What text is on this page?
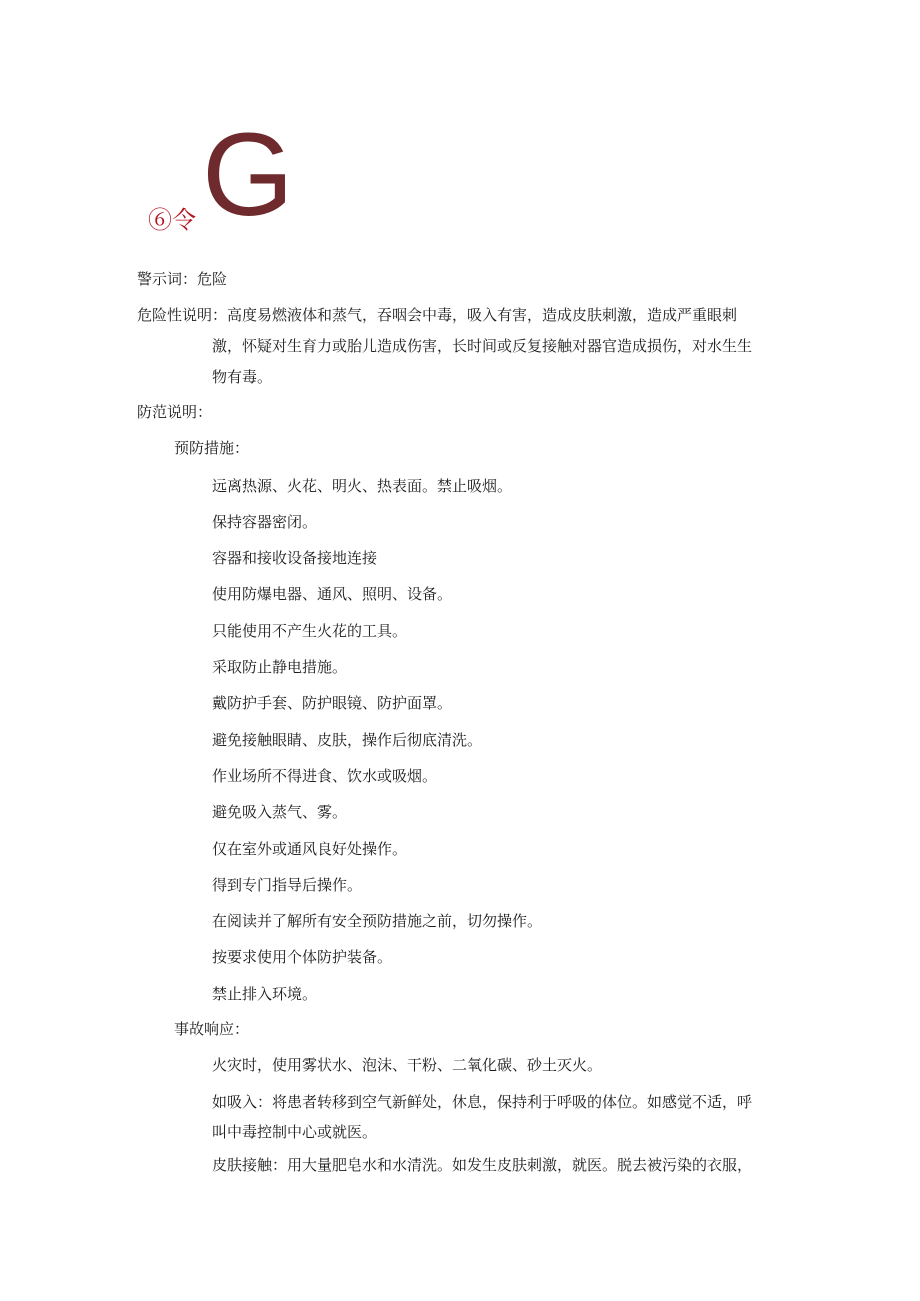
⑥令 G
警示词：危险
危险性说明：高度易燃液体和蒸气，吞咽会中毒，吸入有害，造成皮肤刺激，造成严重眼刺
激，怀疑对生育力或胎儿造成伤害，长时间或反复接触对器官造成损伤，对水生生
物有毒。
防范说明：
预防措施：
远离热源、火花、明火、热表面。禁止吸烟。
保持容器密闭。
容器和接收设备接地连接
使用防爆电器、通风、照明、设备。
只能使用不产生火花的工具。
采取防止静电措施。
戴防护手套、防护眼镜、防护面罩。
避免接触眼睛、皮肤，操作后彻底清洗。
作业场所不得进食、饮水或吸烟。
避免吸入蒸气、雾。
仅在室外或通风良好处操作。
得到专门指导后操作。
在阅读并了解所有安全预防措施之前，切勿操作。
按要求使用个体防护装备。
禁止排入环境。
事故响应：
火灾时，使用雾状水、泡沫、干粉、二氧化碳、砂土灭火。
如吸入：将患者转移到空气新鲜处，休息，保持利于呼吸的体位。如感觉不适，呼
叫中毒控制中心或就医。
皮肤接触：用大量肥皂水和水清洗。如发生皮肤刺激，就医。脱去被污染的衣服，
